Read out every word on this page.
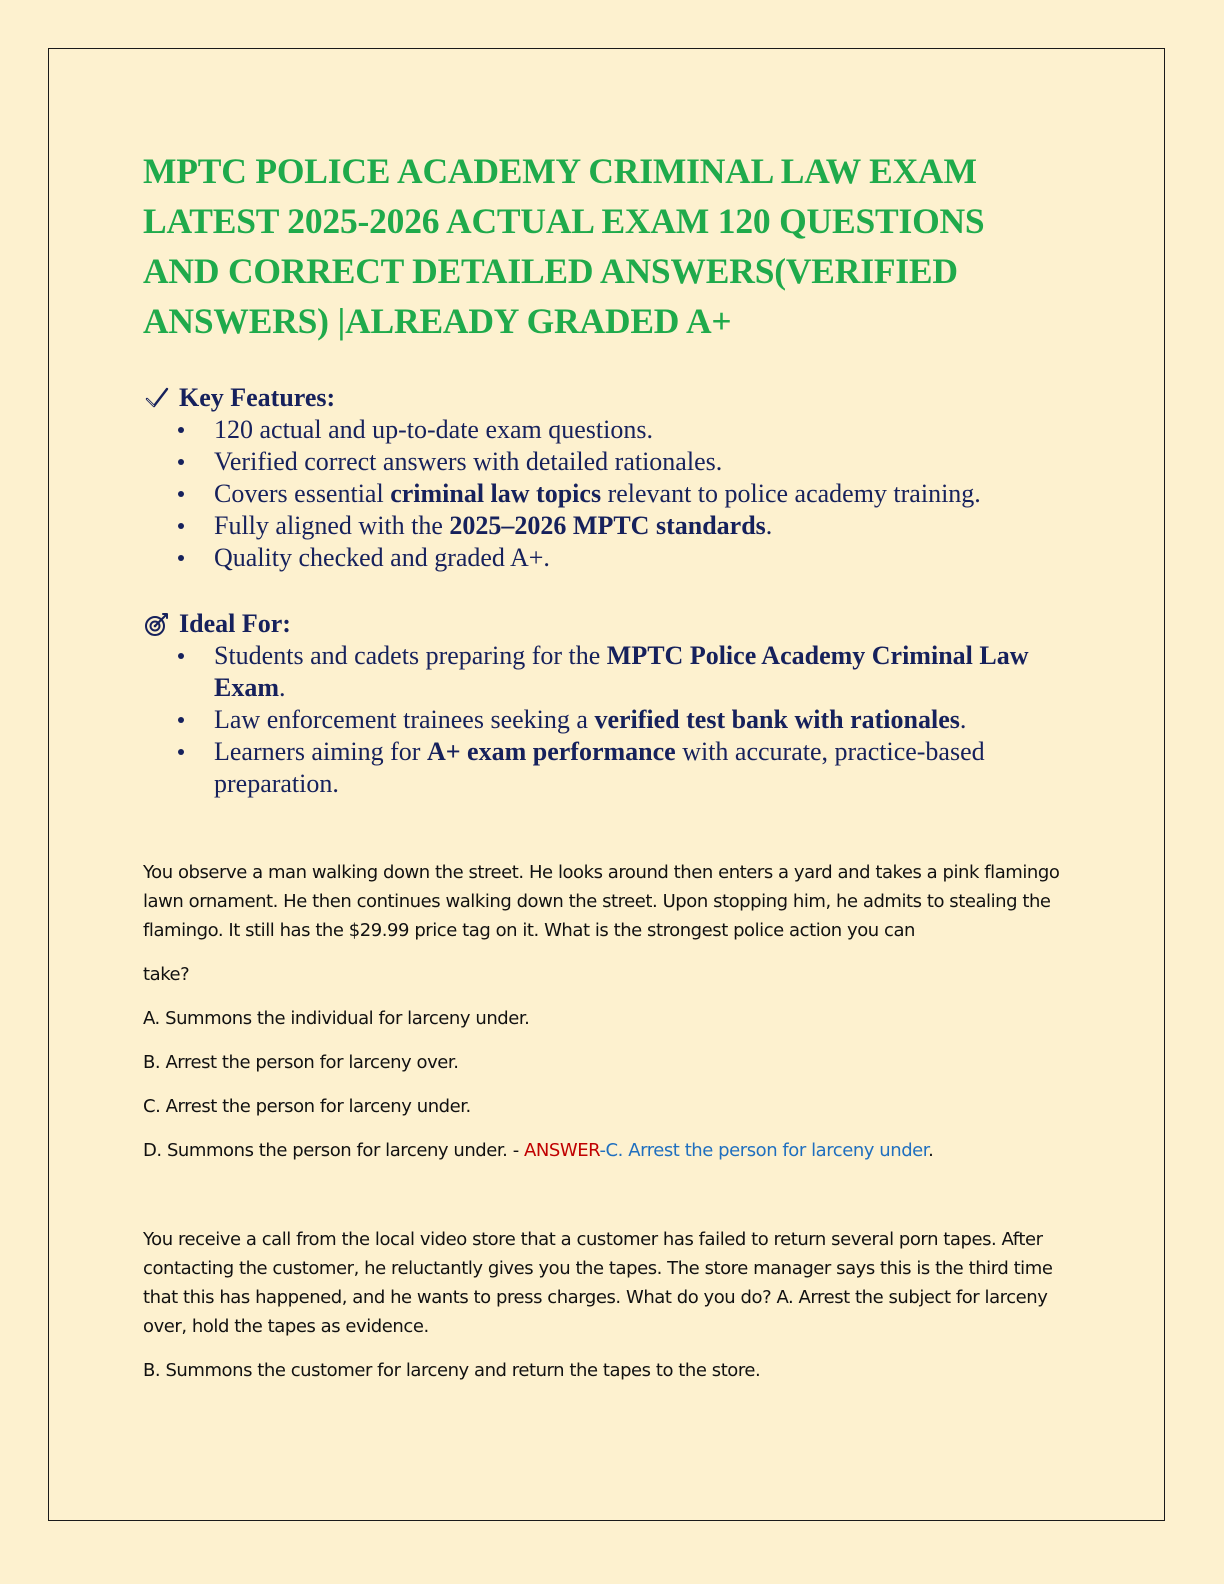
MPTC POLICE ACADEMY CRIMINAL LAW EXAM
LATEST 2025-2026 ACTUAL EXAM 120 QUESTIONS
AND CORRECT DETAILED ANSWERS(VERIFIED
ANSWERS) |ALREADY GRADED A+
Key Features:
120 actual and up-to-date exam questions.
Verified correct answers with detailed rationales.
Covers essential criminal law topics relevant to police academy training.
Fully aligned with the 2025–2026 MPTC standards.
Quality checked and graded A+.
Ideal For:
Students and cadets preparing for the MPTC Police Academy Criminal Law Exam.
Law enforcement trainees seeking a verified test bank with rationales.
Learners aiming for A+ exam performance with accurate, practice-based preparation.

You observe a man walking down the street. He looks around then enters a yard and takes a pink flamingo lawn ornament. He then continues walking down the street. Upon stopping him, he admits to stealing the flamingo. It still has the $29.99 price tag on it. What is the strongest police action you can

take?

A. Summons the individual for larceny under.

B. Arrest the person for larceny over.

C. Arrest the person for larceny under.

D. Summons the person for larceny under. - ANSWER-C. Arrest the person for larceny under.

You receive a call from the local video store that a customer has failed to return several porn tapes. After contacting the customer, he reluctantly gives you the tapes. The store manager says this is the third time that this has happened, and he wants to press charges. What do you do? A. Arrest the subject for larceny over, hold the tapes as evidence.

B. Summons the customer for larceny and return the tapes to the store.
